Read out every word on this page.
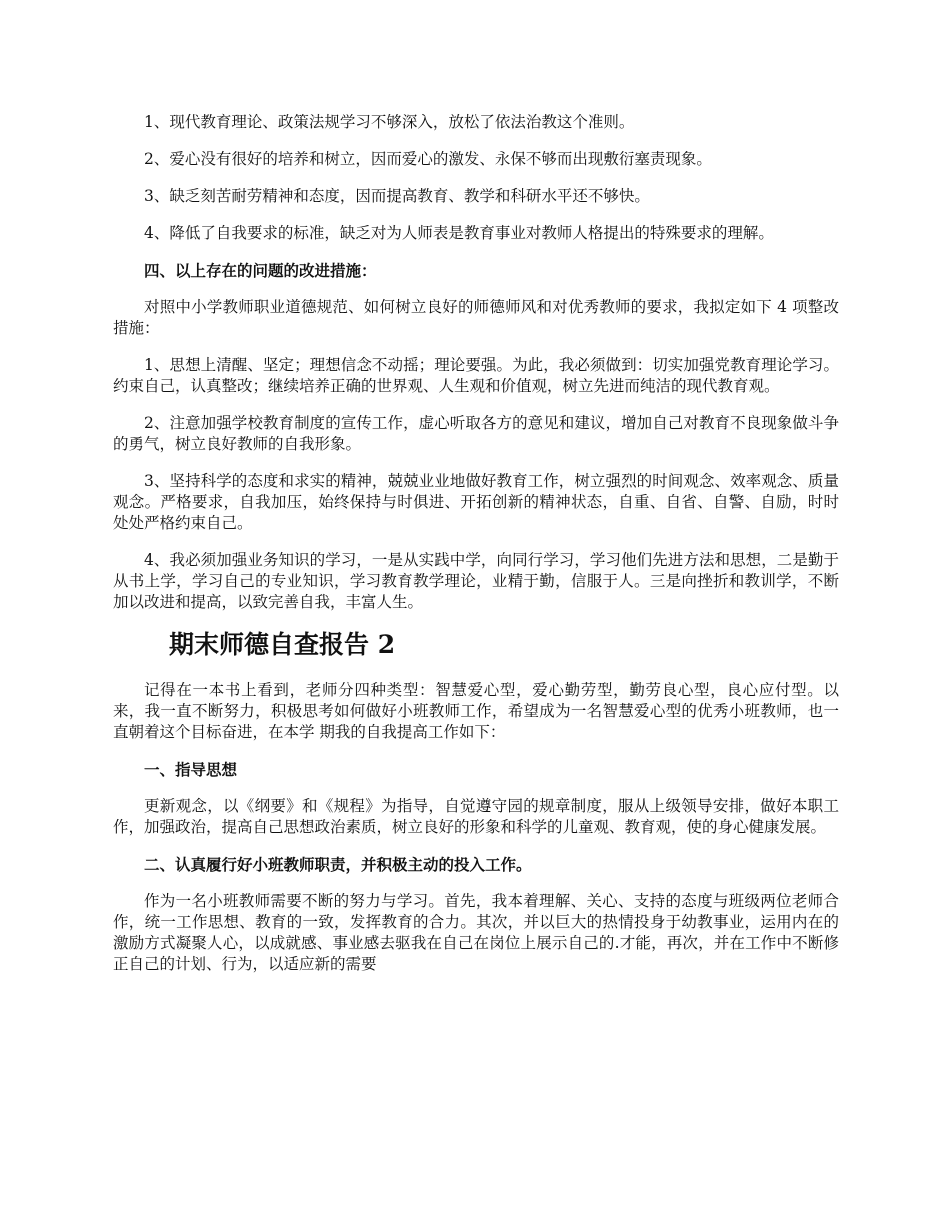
1、现代教育理论、政策法规学习不够深入，放松了依法治教这个准则。

2、爱心没有很好的培养和树立，因而爱心的激发、永保不够而出现敷衍塞责现象。

3、缺乏刻苦耐劳精神和态度，因而提高教育、教学和科研水平还不够快。

4、降低了自我要求的标准，缺乏对为人师表是教育事业对教师人格提出的特殊要求的理解。

四、以上存在的问题的改进措施：

对照中小学教师职业道德规范、如何树立良好的师德师风和对优秀教师的要求，我拟定如下 4 项整改措施：

1、思想上清醒、坚定；理想信念不动摇；理论要强。为此，我必须做到：切实加强党教育理论学习。约束自己，认真整改；继续培养正确的世界观、人生观和价值观，树立先进而纯洁的现代教育观。

2、注意加强学校教育制度的宣传工作，虚心听取各方的意见和建议，增加自己对教育不良现象做斗争的勇气，树立良好教师的自我形象。

3、坚持科学的态度和求实的精神，兢兢业业地做好教育工作，树立强烈的时间观念、效率观念、质量观念。严格要求，自我加压，始终保持与时俱进、开拓创新的精神状态，自重、自省、自警、自励，时时处处严格约束自己。

4、我必须加强业务知识的学习，一是从实践中学，向同行学习，学习他们先进方法和思想，二是勤于从书上学，学习自己的专业知识，学习教育教学理论，业精于勤，信服于人。三是向挫折和教训学，不断加以改进和提高，以致完善自我，丰富人生。

期末师德自查报告 2

记得在一本书上看到，老师分四种类型：智慧爱心型，爱心勤劳型，勤劳良心型，良心应付型。以来，我一直不断努力，积极思考如何做好小班教师工作，希望成为一名智慧爱心型的优秀小班教师，也一直朝着这个目标奋进，在本学 期我的自我提高工作如下：

一、指导思想

更新观念，以《纲要》和《规程》为指导，自觉遵守园的规章制度，服从上级领导安排，做好本职工作，加强政治，提高自己思想政治素质，树立良好的形象和科学的儿童观、教育观，使的身心健康发展。

二、认真履行好小班教师职责，并积极主动的投入工作。

作为一名小班教师需要不断的努力与学习。首先，我本着理解、关心、支持的态度与班级两位老师合作，统一工作思想、教育的一致，发挥教育的合力。其次，并以巨大的热情投身于幼教事业，运用内在的激励方式凝聚人心，以成就感、事业感去驱我在自己在岗位上展示自己的.才能，再次，并在工作中不断修正自己的计划、行为，以适应新的需要
